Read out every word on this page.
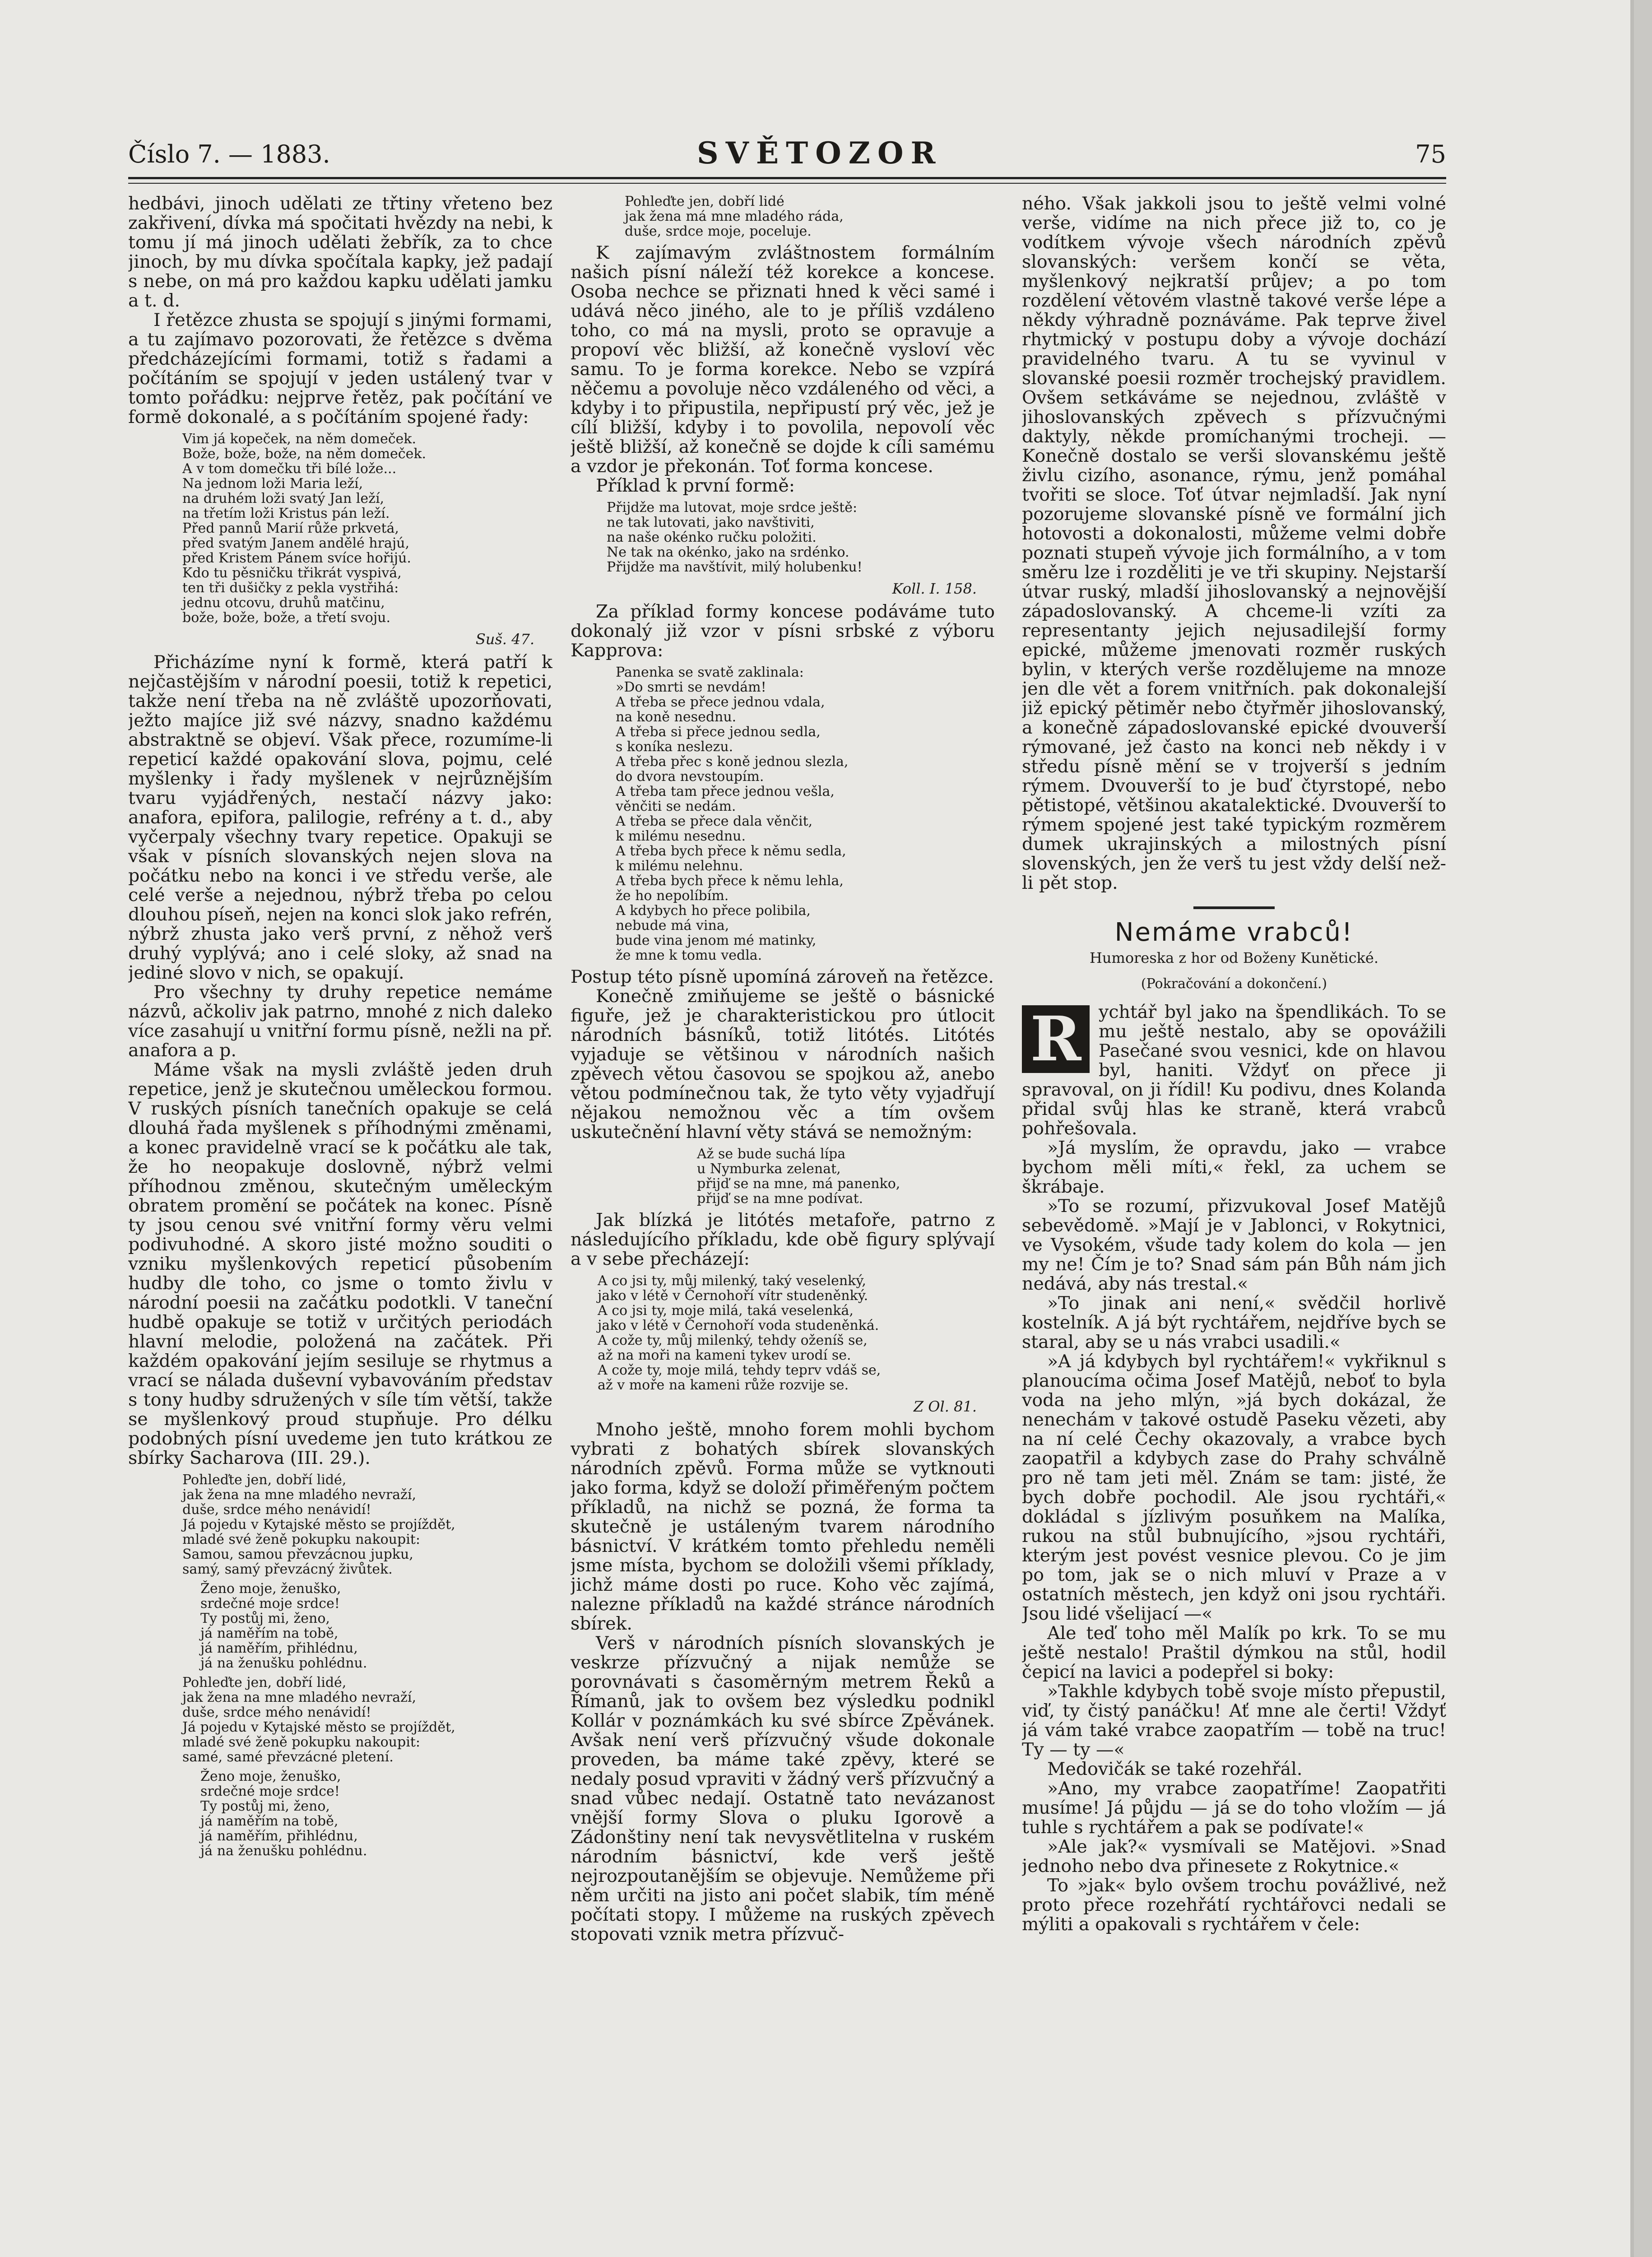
Číslo 7. — 1883.	SVĚTOZOR	75

hedbávi, jinoch udělati ze třtiny vřeteno bez zakřivení, dívka má spočitati hvězdy na nebi, k tomu jí má jinoch udělati žebřík, za to chce jinoch, by mu dívka spočítala kapky, jež padají s nebe, on má pro každou kapku udělati jamku a t. d.

I řetězce zhusta se spojují s jinými formami, a tu zajímavo pozorovati, že řetězce s dvěma předcházejícími formami, totiž s řadami a počítáním se spojují v jeden ustálený tvar v tomto pořádku: nejprve řetěz, pak počítání ve formě dokonalé, a s počítáním spojené řady:

Vim já kopeček, na něm domeček.
Bože, bože, bože, na něm domeček.
A v tom domečku tři bílé lože...
Na jednom loži Maria leží,
na druhém loži svatý Jan leží,
na třetím loži Kristus pán leží.
Před pannů Marií růže prkvetá,
před svatým Janem andělé hrajú,
před Kristem Pánem svíce hořijú.
Kdo tu pěsničku třikrát vyspivá,
ten tři dušičky z pekla vystřihá:
jednu otcovu, druhů matčinu,
bože, bože, bože, a třetí svoju.
Suš. 47.

Přicházíme nyní k formě, která patří k nejčastějším v národní poesii, totiž k repetici, takže není třeba na ně zvláště upozorňovati, ježto majíce již své názvy, snadno každému abstraktně se objeví. Však přece, rozumíme-li repeticí každé opakování slova, pojmu, celé myšlenky i řady myšlenek v nejrůznějším tvaru vyjádřených, nestačí názvy jako: anafora, epifora, palilogie, refrény a t. d., aby vyčerpaly všechny tvary repetice. Opakuji se však v písních slovanských nejen slova na počátku nebo na konci i ve středu verše, ale celé verše a nejednou, nýbrž třeba po celou dlouhou píseň, nejen na konci slok jako refrén, nýbrž zhusta jako verš první, z něhož verš druhý vyplývá; ano i celé sloky, až snad na jediné slovo v nich, se opakují.

Pro všechny ty druhy repetice nemáme názvů, ačkoliv jak patrno, mnohé z nich daleko více zasahují u vnitřní formu písně, nežli na př. anafora a p.

Máme však na mysli zvláště jeden druh repetice, jenž je skutečnou uměleckou formou. V ruských písních tanečních opakuje se celá dlouhá řada myšlenek s příhodnými změnami, a konec pravidelně vrací se k počátku ale tak, že ho neopakuje doslovně, nýbrž velmi příhodnou změnou, skutečným uměleckým obratem promění se počátek na konec. Písně ty jsou cenou své vnitřní formy věru velmi podivuhodné. A skoro jisté možno souditi o vzniku myšlenkových repeticí působením hudby dle toho, co jsme o tomto živlu v národní poesii na začátku podotkli. V taneční hudbě opakuje se totiž v určitých periodách hlavní melodie, položená na začátek. Při každém opakování jejím sesiluje se rhytmus a vrací se nálada duševní vybavováním představ s tony hudby sdružených v síle tím větší, takže se myšlenkový proud stupňuje. Pro délku podobných písní uvedeme jen tuto krátkou ze sbírky Sacharova (III. 29.).

Pohleďte jen, dobří lidé,
jak žena na mne mladého nevraží,
duše, srdce mého nenávidí!
Já pojedu v Kytajské město se projíždět,
mladé své ženě pokupku nakoupit:
Samou, samou převzácnou jupku,
samý, samý převzácný živůtek.
Ženo moje, ženuško,
srdečné moje srdce!
Ty postůj mi, ženo,
já naměřím na tobě,
já naměřím, přihlédnu,
já na ženušku pohlédnu.
Pohleďte jen, dobří lidé,
jak žena na mne mladého nevraží,
duše, srdce mého nenávidí!
Já pojedu v Kytajské město se projíždět,
mladé své ženě pokupku nakoupit:
samé, samé převzácné pletení.
Ženo moje, ženuško,
srdečné moje srdce!
Ty postůj mi, ženo,
já naměřím na tobě,
já naměřím, přihlédnu,
já na ženušku pohlédnu.
Pohleďte jen, dobří lidé
jak žena má mne mladého ráda,
duše, srdce moje, poceluje.

K zajímavým zvláštnostem formálním našich písní náleží též korekce a koncese. Osoba nechce se přiznati hned k věci samé i udává něco jiného, ale to je příliš vzdáleno toho, co má na mysli, proto se opravuje a propoví věc bližší, až konečně vysloví věc samu. To je forma korekce. Nebo se vzpírá něčemu a povoluje něco vzdáleného od věci, a kdyby i to připustila, nepřipustí prý věc, jež je cílí bližší, kdyby i to povolila, nepovolí věc ještě bližší, až konečně se dojde k cíli samému a vzdor je překonán. Toť forma koncese.

Příklad k první formě:

Přijdže ma lutovat, moje srdce ještě:
ne tak lutovati, jako navštiviti,
na naše okénko ručku položiti.
Ne tak na okénko, jako na srdénko.
Přijdže ma navštívit, milý holubenku!
Koll. I. 158.

Za příklad formy koncese podáváme tuto dokonalý již vzor v písni srbské z výboru Kapprova:

Panenka se svatě zaklinala:
»Do smrti se nevdám!
A třeba se přece jednou vdala,
na koně nesednu.
A třeba si přece jednou sedla,
s koníka neslezu.
A třeba přec s koně jednou slezla,
do dvora nevstoupím.
A třeba tam přece jednou vešla,
věnčiti se nedám.
A třeba se přece dala věnčit,
k milému nesednu.
A třeba bych přece k němu sedla,
k milému nelehnu.
A třeba bych přece k němu lehla,
že ho nepolíbím.
A kdybych ho přece polibila,
nebude má vina,
bude vina jenom mé matinky,
že mne k tomu vedla.

Postup této písně upomíná zároveň na řetězce.

Konečně zmiňujeme se ještě o básnické figuře, jež je charakteristickou pro útlocit národních básníků, totiž litótés. Litótés vyjaduje se většinou v národních našich zpěvech větou časovou se spojkou až, anebo větou podmínečnou tak, že tyto věty vyjadřují nějakou nemožnou věc a tím ovšem uskutečnění hlavní věty stává se nemožným:

Až se bude suchá lípa
u Nymburka zelenat,
přijď se na mne, má panenko,
přijď se na mne podívat.

Jak blízká je litótés metafoře, patrno z následujícího příkladu, kde obě figury splývají a v sebe přecházejí:

A co jsi ty, můj milenký, taký veselenký,
jako v létě v Černohoří vítr studeněnký.
A co jsi ty, moje milá, taká veselenká,
jako v létě v Černohoří voda studeněnká.
A cože ty, můj milenký, tehdy oženíš se,
až na moři na kameni tykev urodí se.
A cože ty, moje milá, tehdy teprv vdáš se,
až v moře na kameni růže rozvije se.
Z Ol. 81.

Mnoho ještě, mnoho forem mohli bychom vybrati z bohatých sbírek slovanských národních zpěvů. Forma může se vytknouti jako forma, když se doloží přiměřeným počtem příkladů, na nichž se pozná, že forma ta skutečně je ustáleným tvarem národního básnictví. V krátkém tomto přehledu neměli jsme místa, bychom se doložili všemi příklady, jichž máme dosti po ruce. Koho věc zajímá, nalezne příkladů na každé stránce národních sbírek.

Verš v národních písních slovanských je veskrze přízvučný a nijak nemůže se porovnávati s časoměrným metrem Řeků a Římanů, jak to ovšem bez výsledku podnikl Kollár v poznámkách ku své sbírce Zpěvánek. Avšak není verš přízvučný všude dokonale proveden, ba máme také zpěvy, které se nedaly posud vpraviti v žádný verš přízvučný a snad vůbec nedají. Ostatně tato nevázanost vnější formy Slova o pluku Igorově a Zádonštiny není tak nevysvětlitelna v ruském národním básnictví, kde verš ještě nejrozpoutanějším se objevuje. Nemůžeme při něm určiti na jisto ani počet slabik, tím méně počítati stopy. I můžeme na ruských zpěvech stopovati vznik metra přízvuč-

ného. Však jakkoli jsou to ještě velmi volné verše, vidíme na nich přece již to, co je vodítkem vývoje všech národních zpěvů slovanských: veršem končí se věta, myšlenkový nejkratší průjev; a po tom rozdělení větovém vlastně takové verše lépe a někdy výhradně poznáváme. Pak teprve živel rhytmický v postupu doby a vývoje dochází pravidelného tvaru. A tu se vyvinul v slovanské poesii rozměr trochejský pravidlem. Ovšem setkáváme se nejednou, zvláště v jihoslovanských zpěvech s přízvučnými daktyly, někde promíchanými trocheji. — Konečně dostalo se verši slovanskému ještě živlu cizího, asonance, rýmu, jenž pomáhal tvořiti se sloce. Toť útvar nejmladší. Jak nyní pozorujeme slovanské písně ve formální jich hotovosti a dokonalosti, můžeme velmi dobře poznati stupeň vývoje jich formálního, a v tom směru lze i rozděliti je ve tři skupiny. Nejstarší útvar ruský, mladší jihoslovanský a nejnovější západoslovanský. A chceme-li vzíti za representanty jejich nejusadilejší formy epické, můžeme jmenovati rozměr ruských bylin, v kterých verše rozdělujeme na mnoze jen dle vět a forem vnitřních. pak dokonalejší již epický pětiměr nebo čtyřměr jihoslovanský, a konečně západoslovanské epické dvouverší rýmované, jež často na konci neb někdy i v středu písně mění se v trojverší s jedním rýmem. Dvouverší to je buď čtyrstopé, nebo pětistopé, většinou akatalektické. Dvouverší to rýmem spojené jest také typickým rozměrem dumek ukrajinských a milostných písní slovenských, jen že verš tu jest vždy delší než-li pět stop.

Nemáme vrabců!
Humoreska z hor od Boženy Kunětické.
(Pokračování a dokončení.)
R ychtář byl jako na špendlikách. To se mu ještě nestalo, aby se opovážili Pasečané svou vesnici, kde on hlavou byl, haniti. Vždyť on přece ji spravoval, on ji řídil! Ku podivu, dnes Kolanda přidal svůj hlas ke straně, která vrabců pohřešovala.

»Já myslím, že opravdu, jako — vrabce bychom měli míti,« řekl, za uchem se škrábaje.

»To se rozumí, přizvukoval Josef Matějů sebevědomě. »Mají je v Jablonci, v Rokytnici, ve Vysokém, všude tady kolem do kola — jen my ne! Čím je to? Snad sám pán Bůh nám jich nedává, aby nás trestal.«

»To jinak ani není,« svědčil horlivě kostelník. A já být rychtářem, nejdříve bych se staral, aby se u nás vrabci usadili.«

»A já kdybych byl rychtářem!« vykřiknul s planoucíma očima Josef Matějů, neboť to byla voda na jeho mlýn, »já bych dokázal, že nenechám v takové ostudě Paseku vězeti, aby na ní celé Čechy okazovaly, a vrabce bych zaopatřil a kdybych zase do Prahy schválně pro ně tam jeti měl. Znám se tam: jisté, že bych dobře pochodil. Ale jsou rychtáři,« dokládal s jízlivým posuňkem na Malíka, rukou na stůl bubnujícího, »jsou rychtáři, kterým jest povést vesnice plevou. Co je jim po tom, jak se o nich mluví v Praze a v ostatních městech, jen když oni jsou rychtáři. Jsou lidé všelijací —«

Ale teď toho měl Malík po krk. To se mu ještě nestalo! Praštil dýmkou na stůl, hodil čepicí na lavici a podepřel si boky:

»Takhle kdybych tobě svoje místo přepustil, viď, ty čistý panáčku! Ať mne ale čerti! Vždyť já vám také vrabce zaopatřím — tobě na truc! Ty — ty —«

Medovičák se také rozehřál.

»Ano, my vrabce zaopatříme! Zaopatřiti musíme! Já půjdu — já se do toho vložím — já tuhle s rychtářem a pak se podívate!«

»Ale jak?« vysmívali se Matějovi. »Snad jednoho nebo dva přinesete z Rokytnice.«

To »jak« bylo ovšem trochu povážlivé, než proto přece rozehřátí rychtářovci nedali se mýliti a opakovali s rychtářem v čele:
